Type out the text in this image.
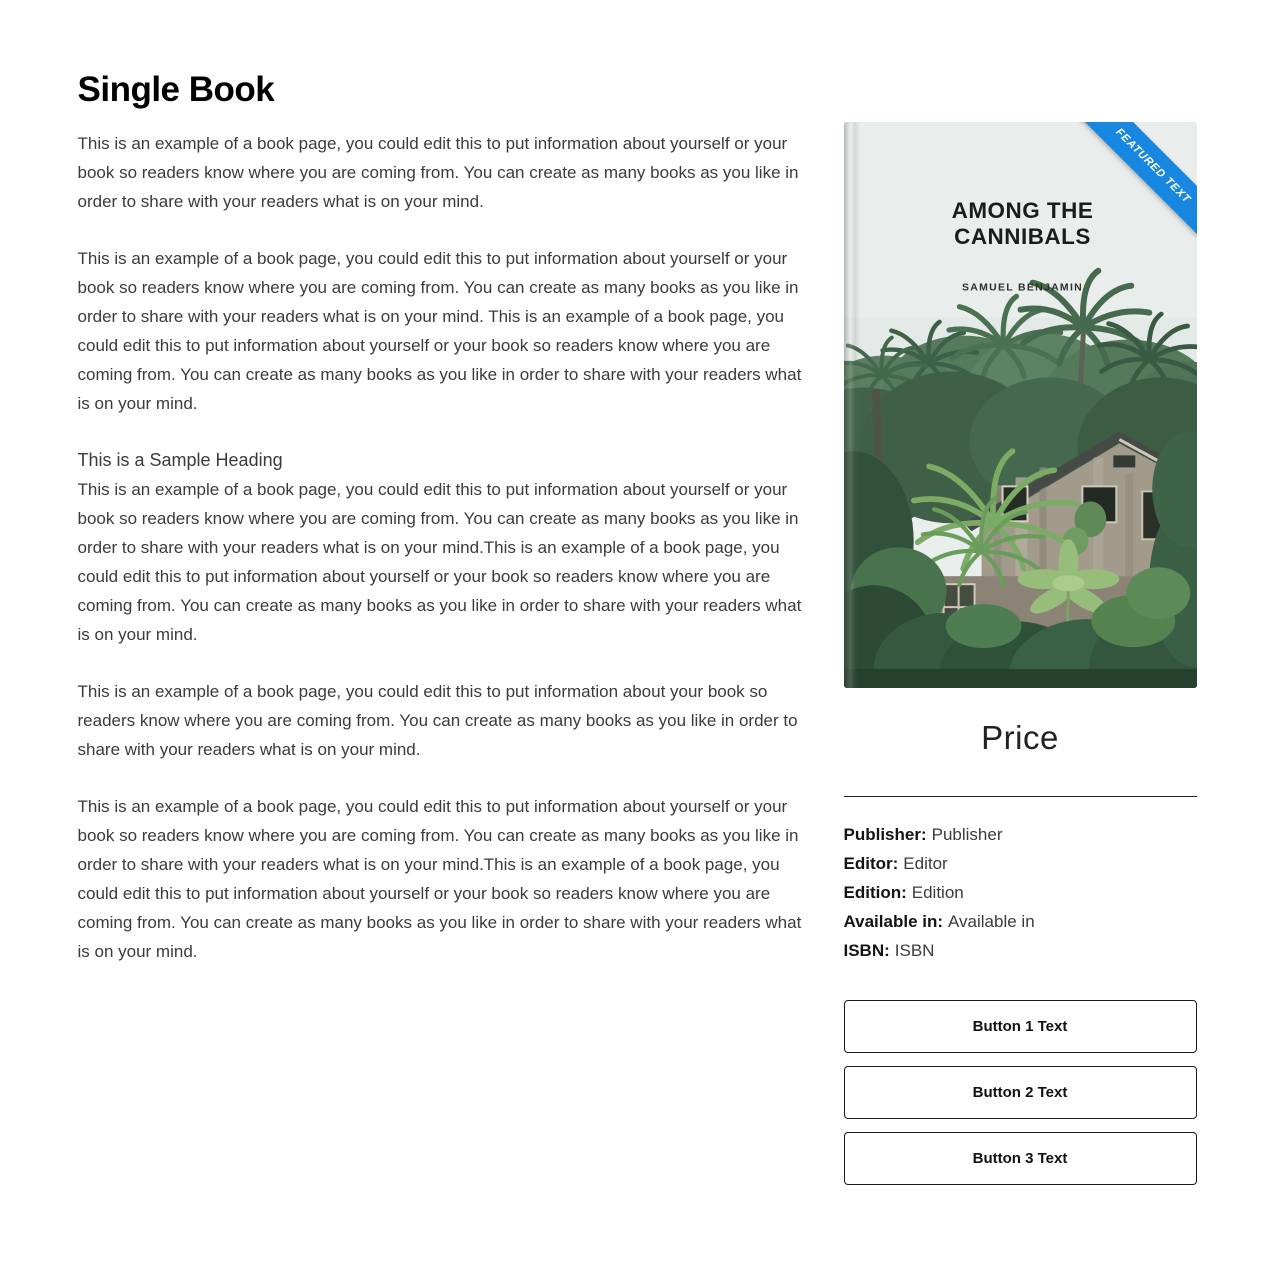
Single Book

This is an example of a book page, you could edit this to put information about yourself or your book so readers know where you are coming from. You can create as many books as you like in order to share with your readers what is on your mind.

This is an example of a book page, you could edit this to put information about yourself or your book so readers know where you are coming from. You can create as many books as you like in order to share with your readers what is on your mind. This is an example of a book page, you could edit this to put information about yourself or your book so readers know where you are coming from. You can create as many books as you like in order to share with your readers what is on your mind.

This is a Sample Heading

This is an example of a book page, you could edit this to put information about yourself or your book so readers know where you are coming from. You can create as many books as you like in order to share with your readers what is on your mind.This is an example of a book page, you could edit this to put information about yourself or your book so readers know where you are coming from. You can create as many books as you like in order to share with your readers what is on your mind.

This is an example of a book page, you could edit this to put information about your book so readers know where you are coming from. You can create as many books as you like in order to share with your readers what is on your mind.

This is an example of a book page, you could edit this to put information about yourself or your book so readers know where you are coming from. You can create as many books as you like in order to share with your readers what is on your mind.This is an example of a book page, you could edit this to put information about yourself or your book so readers know where you are coming from. You can create as many books as you like in order to share with your readers what is on your mind.

AMONG THE
CANNIBALS
SAMUEL BENJAMIN
FEATURED TEXT
Price
Publisher: Publisher
Editor: Editor
Edition: Edition
Available in: Available in
ISBN: ISBN
Button 1 Text
Button 2 Text
Button 3 Text
